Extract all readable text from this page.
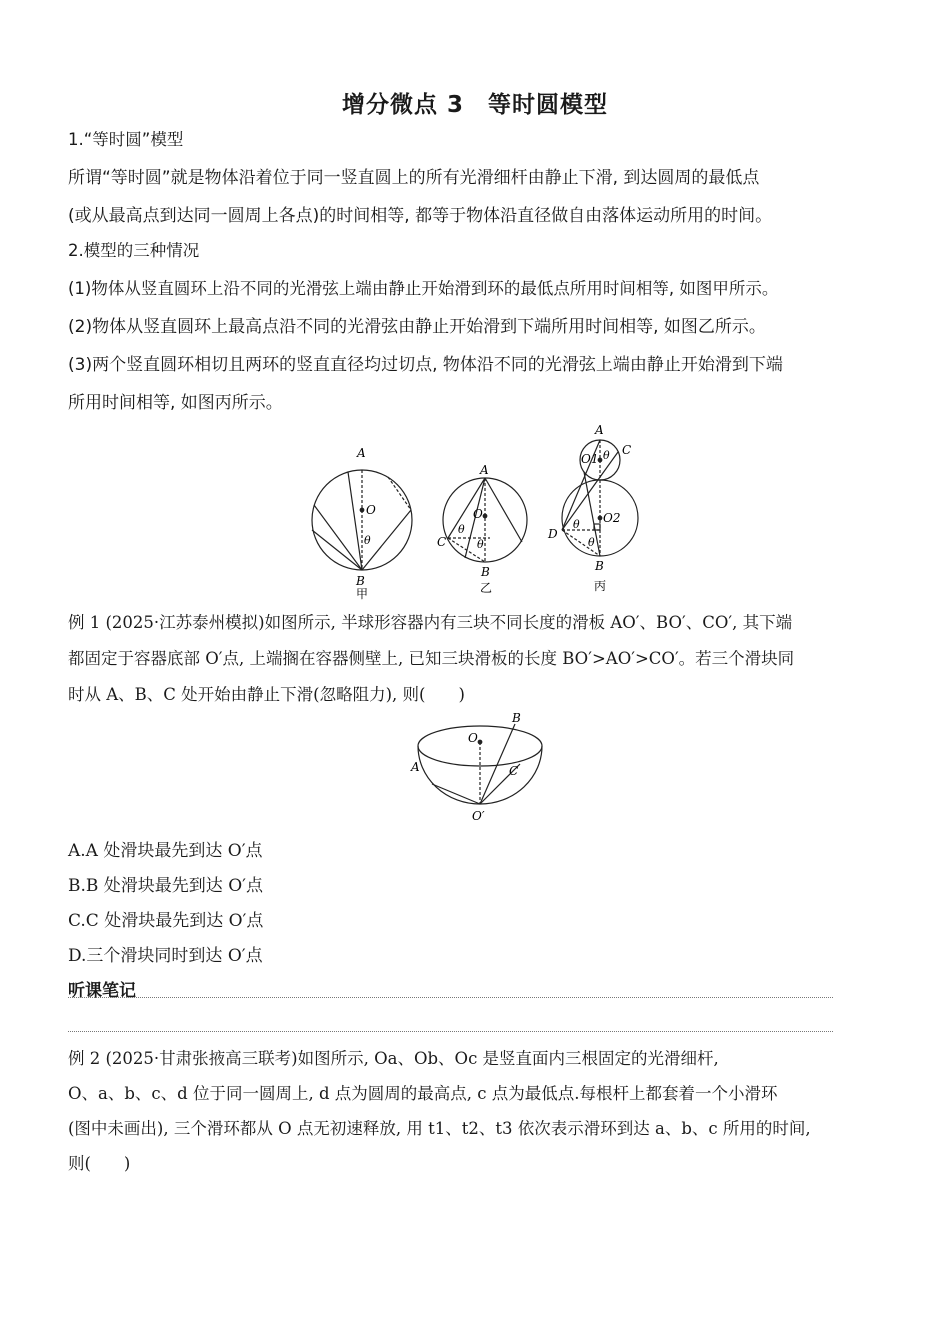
增分微点 3　等时圆模型
1.“等时圆”模型
所谓“等时圆”就是物体沿着位于同一竖直圆上的所有光滑细杆由静止下滑, 到达圆周的最低点
(或从最高点到达同一圆周上各点)的时间相等, 都等于物体沿直径做自由落体运动所用的时间。
2.模型的三种情况
(1)物体从竖直圆环上沿不同的光滑弦上端由静止开始滑到环的最低点所用时间相等, 如图甲所示。
(2)物体从竖直圆环上最高点沿不同的光滑弦由静止开始滑到下端所用时间相等, 如图乙所示。
(3)两个竖直圆环相切且两环的竖直直径均过切点, 物体沿不同的光滑弦上端由静止开始滑到下端
所用时间相等, 如图丙所示。
A
O
B
θ
甲
A
O
C
B
θ
θ
乙
A
O1 θ C
D
O2
B
θ
θ
丙
例 1 (2025·江苏泰州模拟)如图所示, 半球形容器内有三块不同长度的滑板 AO′、BO′、CO′, 其下端
都固定于容器底部 O′点, 上端搁在容器侧壁上, 已知三块滑板的长度 BO′>AO′>CO′。若三个滑块同
时从 A、B、C 处开始由静止下滑(忽略阻力), 则(　　)
B
O
A	C
O′
A.A 处滑块最先到达 O′点
B.B 处滑块最先到达 O′点
C.C 处滑块最先到达 O′点
D.三个滑块同时到达 O′点
听课笔记
例 2 (2025·甘肃张掖高三联考)如图所示, Oa、Ob、Oc 是竖直面内三根固定的光滑细杆,
O、a、b、c、d 位于同一圆周上, d 点为圆周的最高点, c 点为最低点.每根杆上都套着一个小滑环
(图中未画出), 三个滑环都从 O 点无初速释放, 用 t1、t2、t3 依次表示滑环到达 a、b、c 所用的时间,
则(　　)
